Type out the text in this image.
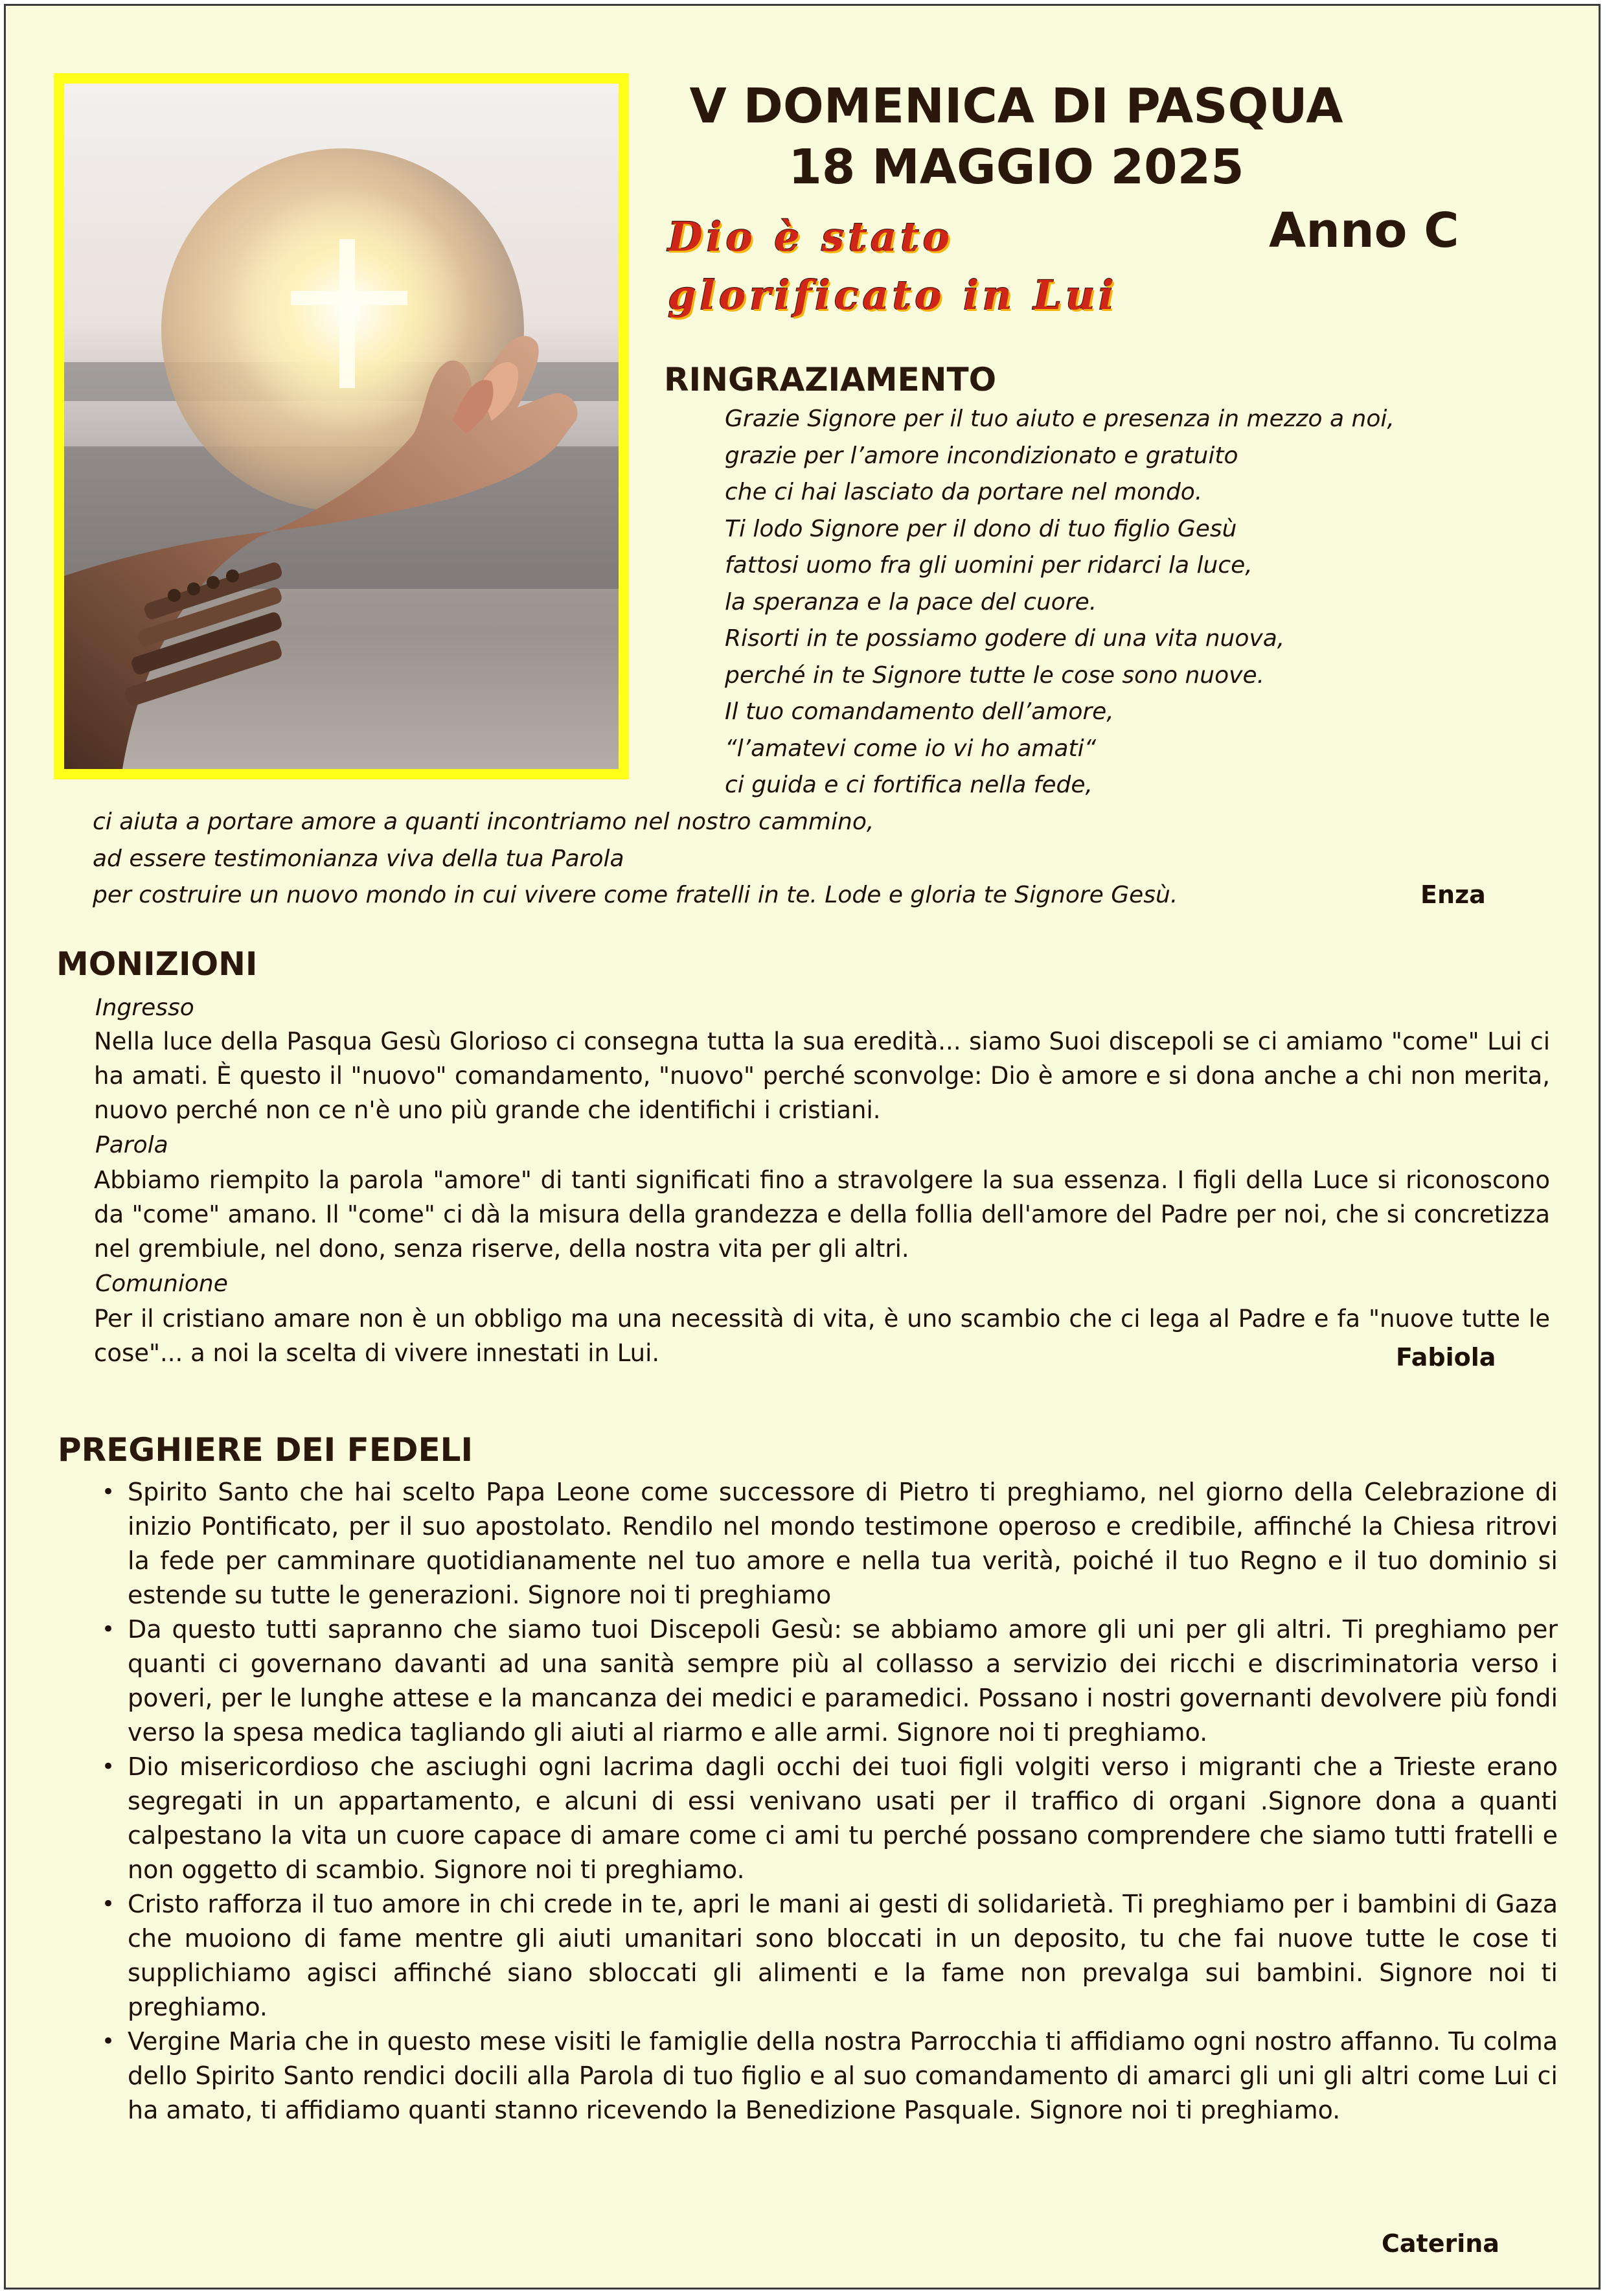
V DOMENICA DI PASQUA
18 MAGGIO 2025
Anno C
Dio è stato
glorificato in Lui
RINGRAZIAMENTO
Grazie Signore per il tuo aiuto e presenza in mezzo a noi,
grazie per l’amore incondizionato e gratuito
che ci hai lasciato da portare nel mondo.
Ti lodo Signore per il dono di tuo figlio Gesù
fattosi uomo fra gli uomini per ridarci la luce,
la speranza e la pace del cuore.
Risorti in te possiamo godere di una vita nuova,
perché in te Signore tutte le cose sono nuove.
Il tuo comandamento dell’amore,
“l’amatevi come io vi ho amati“
ci guida e ci fortifica nella fede,
ci aiuta a portare amore a quanti incontriamo nel nostro cammino,
ad essere testimonianza viva della tua Parola
per costruire un nuovo mondo in cui vivere come fratelli in te. Lode e gloria te Signore Gesù.	Enza
MONIZIONI
Ingresso
Nella luce della Pasqua Gesù Glorioso ci consegna tutta la sua eredità... siamo Suoi discepoli se ci amiamo "come" Lui ci ha amati. È questo il "nuovo" comandamento, "nuovo" perché sconvolge: Dio è amore e si dona anche a chi non merita, nuovo perché non ce n'è uno più grande che identifichi i cristiani.
Parola
Abbiamo riempito la parola "amore" di tanti significati fino a stravolgere la sua essenza. I figli della Luce si riconoscono da "come" amano. Il "come" ci dà la misura della grandezza e della follia dell'amore del Padre per noi, che si concretizza nel grembiule, nel dono, senza riserve, della nostra vita per gli altri.
Comunione
Per il cristiano amare non è un obbligo ma una necessità di vita, è uno scambio che ci lega al Padre e fa "nuove tutte le cose"... a noi la scelta di vivere innestati in Lui.	Fabiola
PREGHIERE DEI FEDELI
• Spirito Santo che hai scelto Papa Leone come successore di Pietro ti preghiamo, nel giorno della Celebrazione di inizio Pontificato, per il suo apostolato. Rendilo nel mondo testimone operoso e credibile, affinché la Chiesa ritrovi la fede per camminare quotidianamente nel tuo amore e nella tua verità, poiché il tuo Regno e il tuo dominio si estende su tutte le generazioni. Signore noi ti preghiamo
• Da questo tutti sapranno che siamo tuoi Discepoli Gesù: se abbiamo amore gli uni per gli altri. Ti preghiamo per quanti ci governano davanti ad una sanità sempre più al collasso a servizio dei ricchi e discriminatoria verso i poveri, per le lunghe attese e la mancanza dei medici e paramedici. Possano i nostri governanti devolvere più fondi verso la spesa medica tagliando gli aiuti al riarmo e alle armi. Signore noi ti preghiamo.
• Dio misericordioso che asciughi ogni lacrima dagli occhi dei tuoi figli volgiti verso i migranti che a Trieste erano segregati in un appartamento, e alcuni di essi venivano usati per il traffico di organi .Signore dona a quanti calpestano la vita un cuore capace di amare come ci ami tu perché possano comprendere che siamo tutti fratelli e non oggetto di scambio. Signore noi ti preghiamo.
• Cristo rafforza il tuo amore in chi crede in te, apri le mani ai gesti di solidarietà. Ti preghiamo per i bambini di Gaza che muoiono di fame mentre gli aiuti umanitari sono bloccati in un deposito, tu che fai nuove tutte le cose ti supplichiamo agisci affinché siano sbloccati gli alimenti e la fame non prevalga sui bambini. Signore noi ti preghiamo.
• Vergine Maria che in questo mese visiti le famiglie della nostra Parrocchia ti affidiamo ogni nostro affanno. Tu colma dello Spirito Santo rendici docili alla Parola di tuo figlio e al suo comandamento di amarci gli uni gli altri come Lui ci ha amato, ti affidiamo quanti stanno ricevendo la Benedizione Pasquale. Signore noi ti preghiamo.
Caterina
